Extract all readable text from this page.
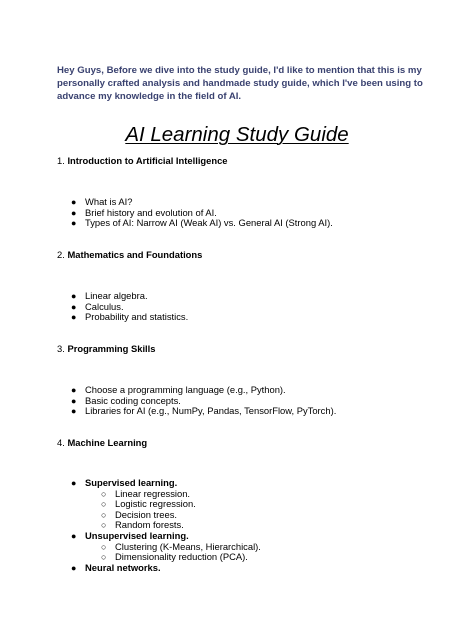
Hey Guys, Before we dive into the study guide, I'd like to mention that this is my personally crafted analysis and handmade study guide, which I've been using to advance my knowledge in the field of AI.
AI Learning Study Guide
1. Introduction to Artificial Intelligence
● What is AI?
● Brief history and evolution of AI.
● Types of AI: Narrow AI (Weak AI) vs. General AI (Strong AI).
2. Mathematics and Foundations
● Linear algebra.
● Calculus.
● Probability and statistics.
3. Programming Skills
● Choose a programming language (e.g., Python).
● Basic coding concepts.
● Libraries for AI (e.g., NumPy, Pandas, TensorFlow, PyTorch).
4. Machine Learning
● Supervised learning.
○ Linear regression.
○ Logistic regression.
○ Decision trees.
○ Random forests.
● Unsupervised learning.
○ Clustering (K-Means, Hierarchical).
○ Dimensionality reduction (PCA).
● Neural networks.
